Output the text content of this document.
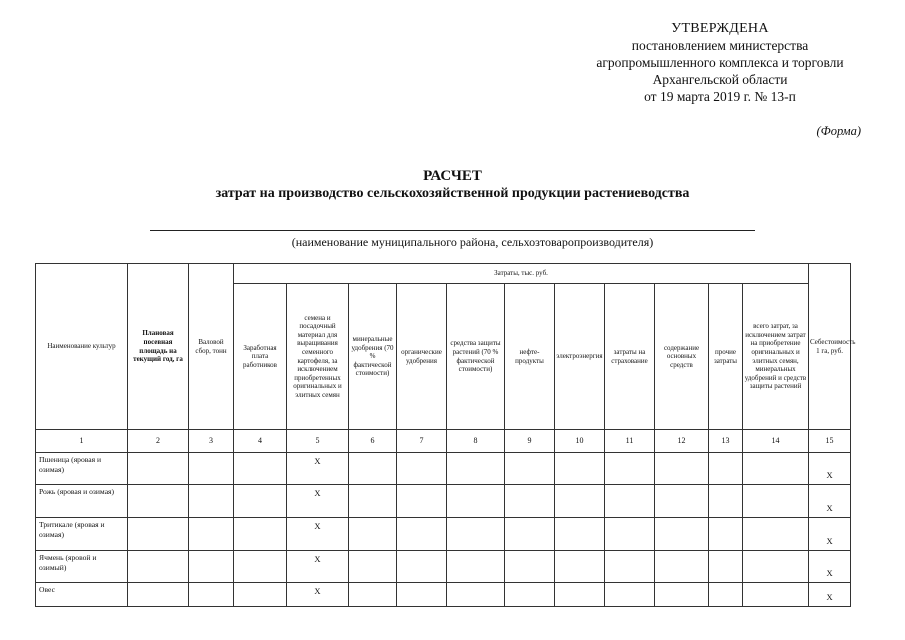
УТВЕРЖДЕНА
постановлением министерства
агропромышленного комплекса и торговли
Архангельской области
от 19 марта 2019 г. № 13-п
(Форма)
РАСЧЕТ
затрат на производство сельскохозяйственной продукции растениеводства
(наименование муниципального района, сельхозтоваропроизводителя)
Наименование культур	Плановая посевная площадь на текущий год, га	Валовой сбор, тонн	Затраты, тыс. руб.											Себестоимость 1 га, руб.
			Заработная плата работников	семена и посадочный материал для выращивания семенного картофеля, за исключением приобретенных оригинальных и элитных семян	минеральные удобрения (70 % фактической стоимости)	органические удобрения	средства защиты растений (70 % фактической стоимости)	нефте-продукты	электроэнергия	затраты на страхование	содержание основных средств	прочие затраты	всего затрат, за исключением затрат на приобретение оригинальных и элитных семян, минеральных удобрений и средств защиты растений	
1	2	3	4	5	6	7	8	9	10	11	12	13	14	15
Пшеница (яровая и озимая)				X										X
Рожь (яровая и озимая)				X										X
Тритикале (яровая и озимая)				X										X
Ячмень (яровой и озимый)				X										X
Овес				X										X
